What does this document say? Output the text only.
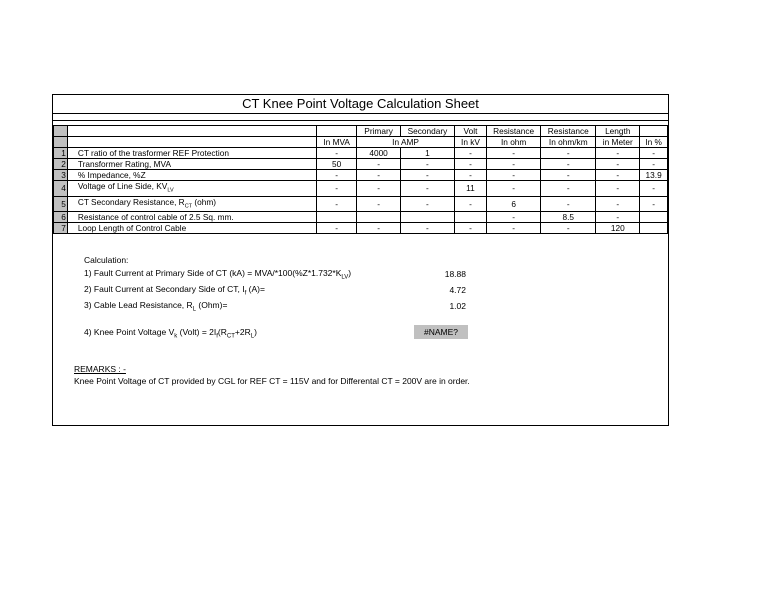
CT Knee Point Voltage Calculation Sheet
			Primary	Secondary	Volt	Resistance	Resistance	Length	
		In MVA	In AMP		In kV	In ohm	In ohm/km	in Meter	In %
1	CT ratio of the trasformer REF Protection	-	4000	1	-	-	-	-	-
2	Transformer Rating, MVA	50	-	-	-	-	-	-	-
3	% Impedance, %Z	-	-	-	-	-	-	-	13.9
4	Voltage of Line Side, $KV_{LV}$	-	-	-	11	-	-	-	-
5	CT Secondary Resistance, $R_{CT}$ (ohm)	-	-	-	-	6	-	-	-
6	Resistance of control cable of 2.5 Sq. mm.					-	8.5	-	
7	Loop Length of Control Cable	-	-	-	-	-	-	120	
Calculation:
1) Fault Current at Primary Side of CT (kA) = MVA/$*100(\%Z*1.732*K_{LV})$	18.88
2) Fault Current at Secondary Side of CT, $I_f$ (A)=	4.72
3) Cable Lead Resistance, $R_L$ (Ohm)=	1.02
4) Knee Point Voltage $V_k$ (Volt) = $2I_f(R_{CT}+2R_L)$	#NAME?
REMARKS : -
Knee Point Voltage of CT provided by CGL for REF CT = 115V and for Differental CT = 200V are in order.
